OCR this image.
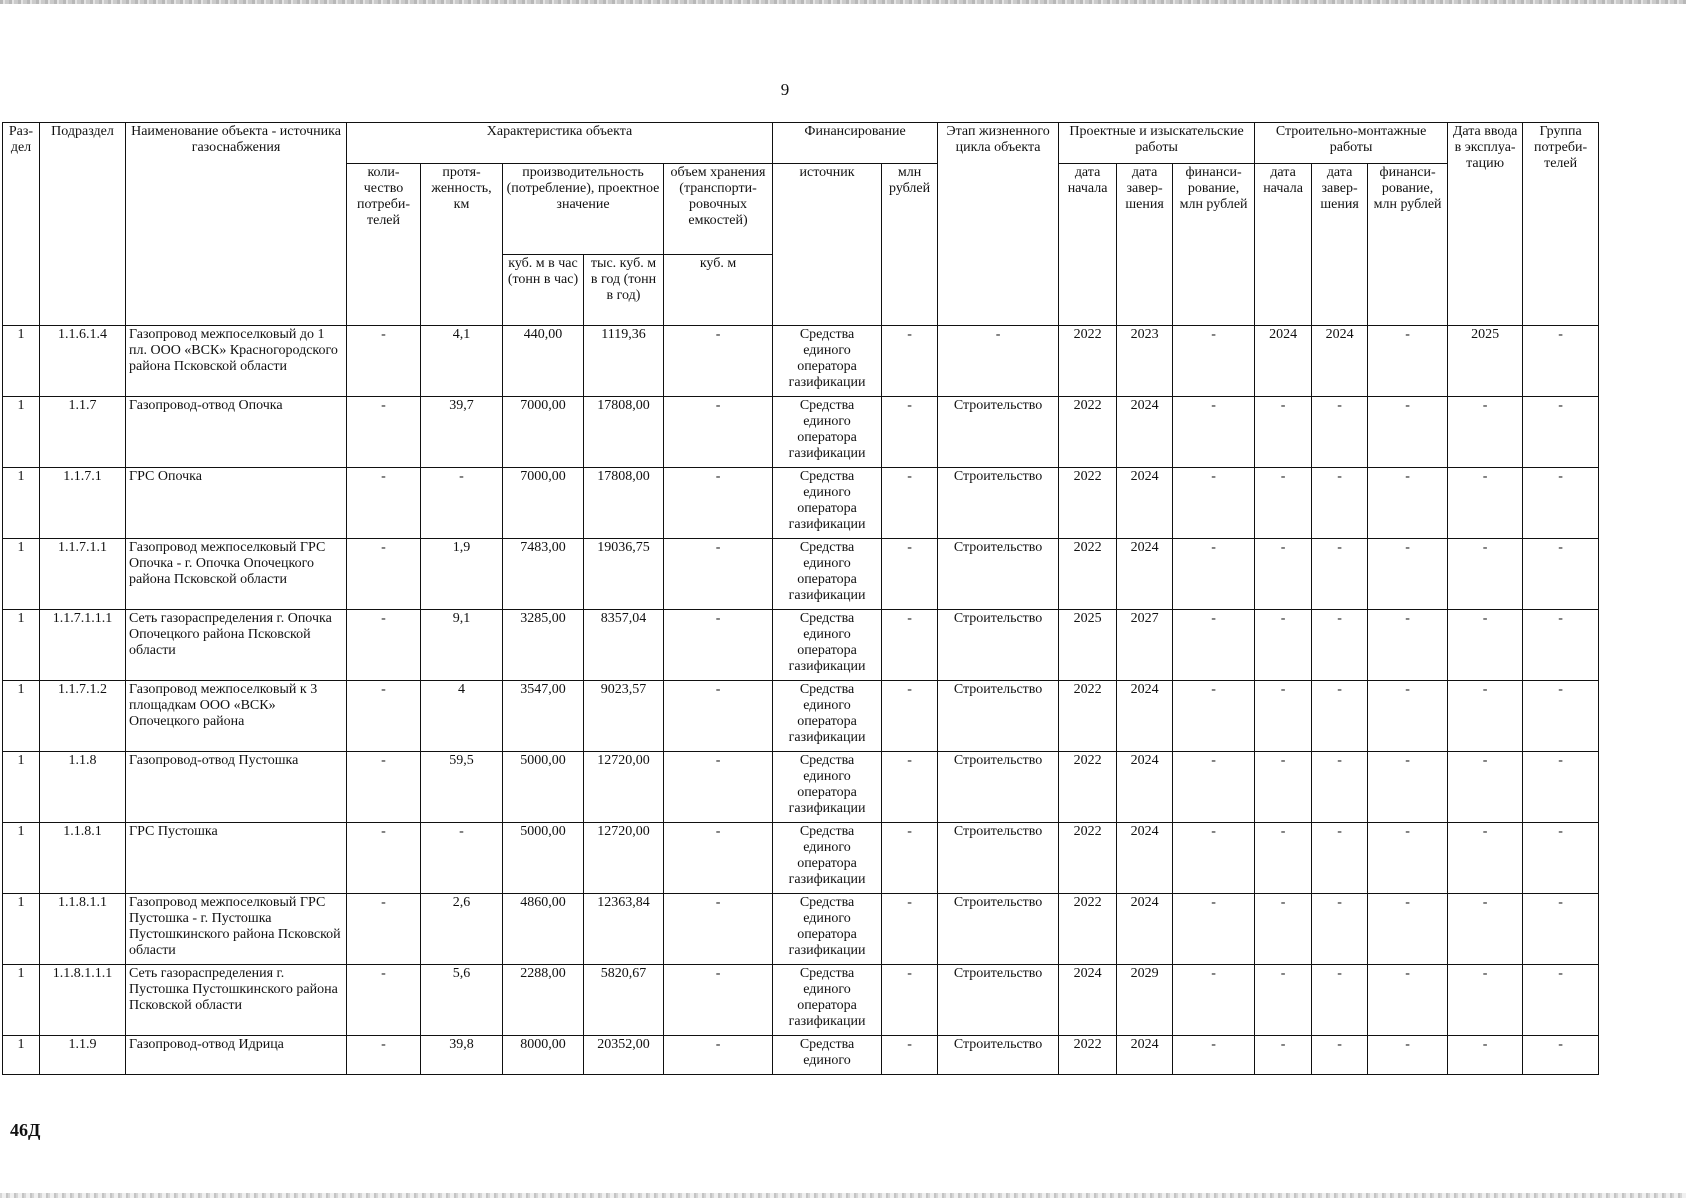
9
Раз-дел	Подраздел	Наименование объекта - источника газоснабжения	Характеристика объекта					Финансирование		Этап жизненного цикла объекта	Проектные и изыскательские работы			Строительно-монтажные работы			Дата ввода в эксплуа-тацию	Группа потреби-телей
			коли-чество потреби-телей	протя-женность, км	производительность (потребление), проектное значение		объем хранения (транспорти-ровочных емкостей)	источник	млн рублей		дата начала	дата завер-шения	финанси-рование, млн рублей	дата начала	дата завер-шения	финанси-рование, млн рублей		
					куб. м в час (тонн в час)	тыс. куб. м в год (тонн в год)	куб. м											
1	1.1.6.1.4	Газопровод межпоселковый до 1 пл. ООО «ВСК» Красногородского района Псковской области	-	4,1	440,00	1119,36	-	Средства единого оператора газификации	-	-	2022	2023	-	2024	2024	-	2025	-
1	1.1.7	Газопровод-отвод Опочка	-	39,7	7000,00	17808,00	-	Средства единого оператора газификации	-	Строительство	2022	2024	-	-	-	-	-	-
1	1.1.7.1	ГРС Опочка	-	-	7000,00	17808,00	-	Средства единого оператора газификации	-	Строительство	2022	2024	-	-	-	-	-	-
1	1.1.7.1.1	Газопровод межпоселковый ГРС Опочка - г. Опочка Опочецкого района Псковской области	-	1,9	7483,00	19036,75	-	Средства единого оператора газификации	-	Строительство	2022	2024	-	-	-	-	-	-
1	1.1.7.1.1.1	Сеть газораспределения г. Опочка Опочецкого района Псковской области	-	9,1	3285,00	8357,04	-	Средства единого оператора газификации	-	Строительство	2025	2027	-	-	-	-	-	-
1	1.1.7.1.2	Газопровод межпоселковый к 3 площадкам ООО «ВСК» Опочецкого района	-	4	3547,00	9023,57	-	Средства единого оператора газификации	-	Строительство	2022	2024	-	-	-	-	-	-
1	1.1.8	Газопровод-отвод Пустошка	-	59,5	5000,00	12720,00	-	Средства единого оператора газификации	-	Строительство	2022	2024	-	-	-	-	-	-
1	1.1.8.1	ГРС Пустошка	-	-	5000,00	12720,00	-	Средства единого оператора газификации	-	Строительство	2022	2024	-	-	-	-	-	-
1	1.1.8.1.1	Газопровод межпоселковый ГРС Пустошка - г. Пустошка Пустошкинского района Псковской области	-	2,6	4860,00	12363,84	-	Средства единого оператора газификации	-	Строительство	2022	2024	-	-	-	-	-	-
1	1.1.8.1.1.1	Сеть газораспределения г. Пустошка Пустошкинского района Псковской области	-	5,6	2288,00	5820,67	-	Средства единого оператора газификации	-	Строительство	2024	2029	-	-	-	-	-	-
1	1.1.9	Газопровод-отвод Идрица	-	39,8	8000,00	20352,00	-	Средства единого	-	Строительство	2022	2024	-	-	-	-	-	-
46Д
